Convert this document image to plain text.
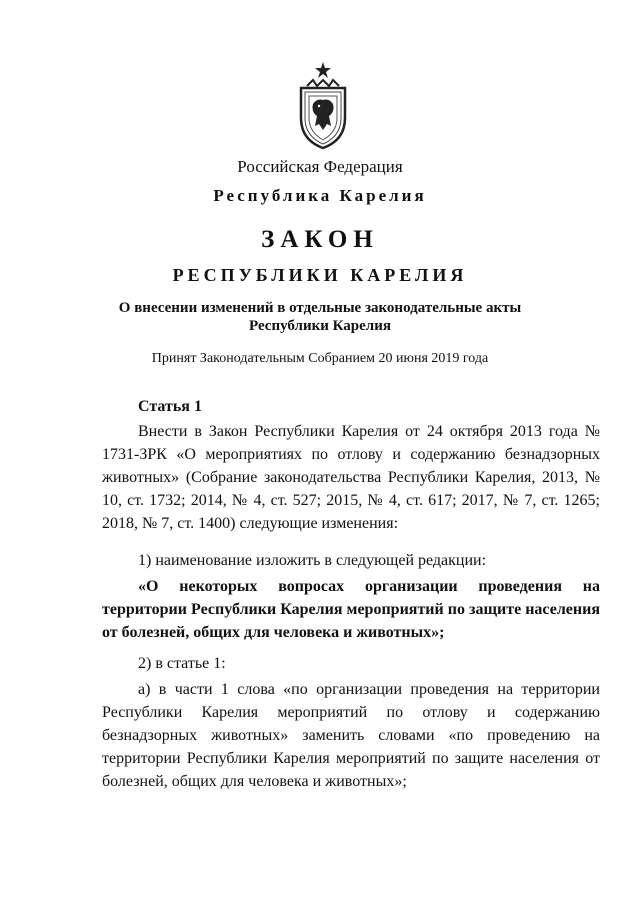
Российская Федерация
Республика Карелия
ЗАКОН
РЕСПУБЛИКИ КАРЕЛИЯ
О внесении изменений в отдельные законодательные акты
Республики Карелия
Принят Законодательным Собранием 20 июня 2019 года
Статья 1

Внести в Закон Республики Карелия от 24 октября 2013 года № 1731-ЗРК «О мероприятиях по отлову и содержанию безнадзорных животных» (Собрание законодательства Республики Карелия, 2013, № 10, ст. 1732; 2014, № 4, ст. 527; 2015, № 4, ст. 617; 2017, № 7, ст. 1265; 2018, № 7, ст. 1400) следующие изменения:

1) наименование изложить в следующей редакции:

«О некоторых вопросах организации проведения на территории Республики Карелия мероприятий по защите населения от болезней, общих для человека и животных»;

2) в статье 1:

а) в части 1 слова «по организации проведения на территории Республики Карелия мероприятий по отлову и содержанию безнадзорных животных» заменить словами «по проведению на территории Республики Карелия мероприятий по защите населения от болезней, общих для человека и животных»;
